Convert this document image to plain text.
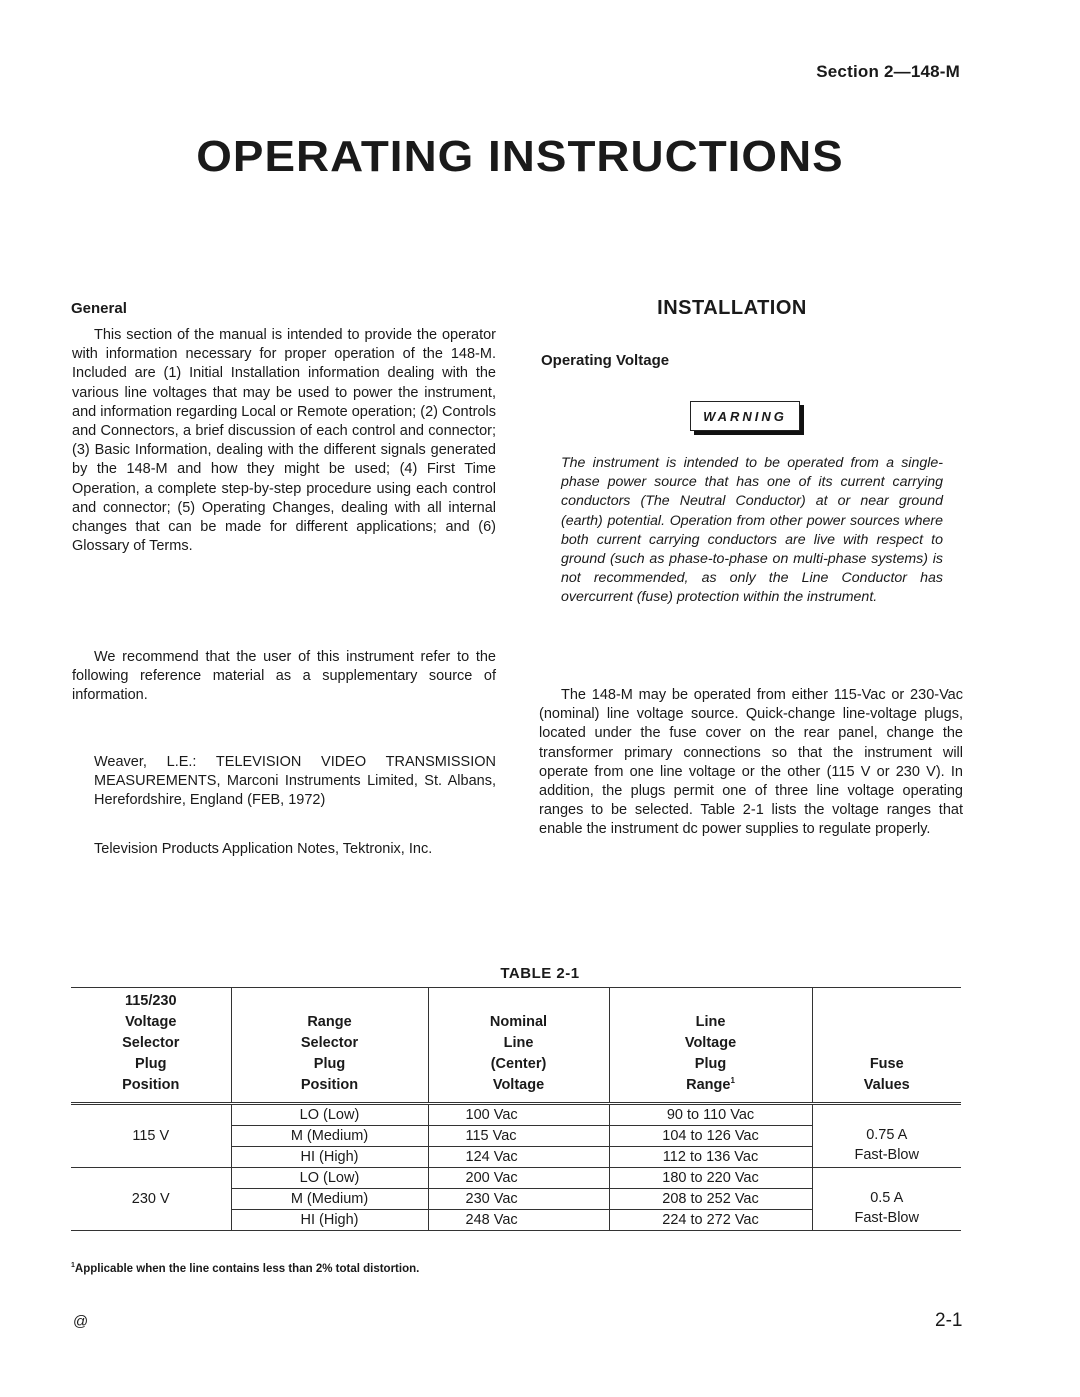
Section 2—148-M
OPERATING INSTRUCTIONS
General

This section of the manual is intended to provide the operator with information necessary for proper operation of the 148-M. Included are (1) Initial Installation information dealing with the various line voltages that may be used to power the instrument, and information regarding Local or Remote operation; (2) Controls and Connectors, a brief discussion of each control and connector; (3) Basic Information, dealing with the different signals generated by the 148-M and how they might be used; (4) First Time Operation, a complete step-by-step procedure using each control and connector; (5) Operating Changes, dealing with all internal changes that can be made for different applications; and (6) Glossary of Terms.

We recommend that the user of this instrument refer to the following reference material as a supplementary source of information.

Weaver, L.E.: TELEVISION VIDEO TRANSMISSION MEASUREMENTS, Marconi Instruments Limited, St. Albans, Herefordshire, England (FEB, 1972)

Television Products Application Notes, Tektronix, Inc.

INSTALLATION
Operating Voltage
WARNING

The instrument is intended to be operated from a single-phase power source that has one of its current carrying conductors (The Neutral Conductor) at or near ground (earth) potential. Operation from other power sources where both current carrying conductors are live with respect to ground (such as phase-to-phase on multi-phase systems) is not recommended, as only the Line Conductor has overcurrent (fuse) protection within the instrument.

The 148-M may be operated from either 115-Vac or 230-Vac (nominal) line voltage source. Quick-change line-voltage plugs, located under the fuse cover on the rear panel, change the transformer primary connections so that the instrument will operate from one line voltage or the other (115 V or 230 V). In addition, the plugs permit one of three line voltage operating ranges to be selected. Table 2-1 lists the voltage ranges that enable the instrument dc power supplies to regulate properly.

TABLE 2-1
115/230
Voltage
Selector
Plug
Position

Range
Selector
Plug
Position

Nominal
Line
(Center)
Voltage

Line
Voltage
Plug
Range$^1$

Fuse
Values

115 V	LO (Low)	100 Vac	90 to 110 Vac	0.75 A
Fast-Blow

	M (Medium)	115 Vac	104 to 126 Vac	
	HI (High)	124 Vac	112 to 136 Vac	
230 V	LO (Low)	200 Vac	180 to 220 Vac	0.5 A
Fast-Blow

	M (Medium)	230 Vac	208 to 252 Vac	
	HI (High)	248 Vac	224 to 272 Vac	
$^1$Applicable when the line contains less than 2% total distortion.
@	2-1
